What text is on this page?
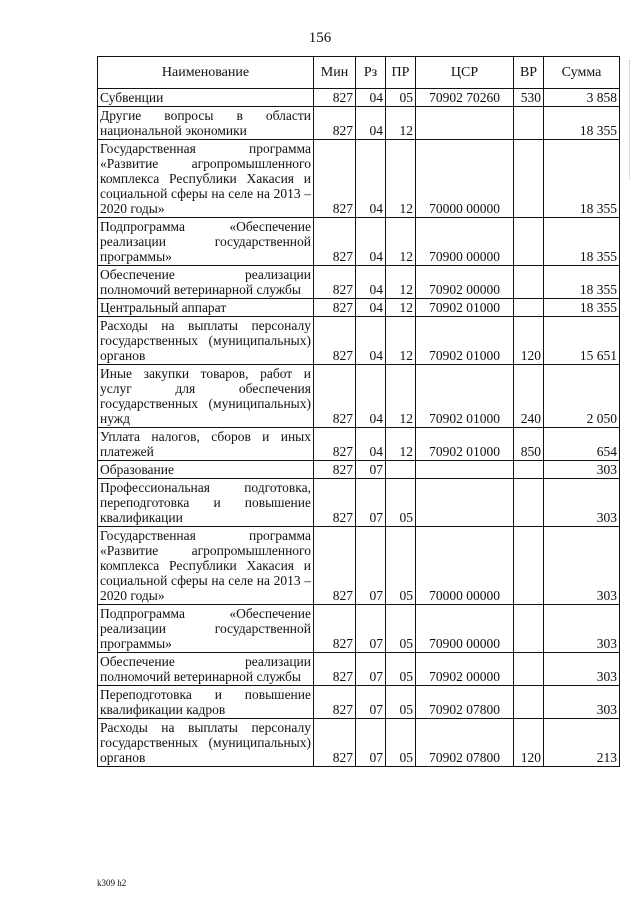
156
Наименование	Мин	Рз	ПР	ЦСР	ВР	Сумма
Субвенции	827	04	05	70902 70260	530	3 858
Другие вопросы в области национальной экономики	827	04	12			18 355
Государственная программа «Развитие агропромышленного комплекса Республики Хакасия и социальной сферы на селе на 2013 – 2020 годы»	827	04	12	70000 00000		18 355
Подпрограмма «Обеспечение реализации государственной программы»	827	04	12	70900 00000		18 355
Обеспечение реализации полномочий ветеринарной службы	827	04	12	70902 00000		18 355
Центральный аппарат	827	04	12	70902 01000		18 355
Расходы на выплаты персоналу государственных (муниципальных) органов	827	04	12	70902 01000	120	15 651
Иные закупки товаров, работ и услуг для обеспечения государственных (муниципальных) нужд	827	04	12	70902 01000	240	2 050
Уплата налогов, сборов и иных платежей	827	04	12	70902 01000	850	654
Образование	827	07				303
Профессиональная подготовка, переподготовка и повышение квалификации	827	07	05			303
Государственная программа «Развитие агропромышленного комплекса Республики Хакасия и социальной сферы на селе на 2013 – 2020 годы»	827	07	05	70000 00000		303
Подпрограмма «Обеспечение реализации государственной программы»	827	07	05	70900 00000		303
Обеспечение реализации полномочий ветеринарной службы	827	07	05	70902 00000		303
Переподготовка и повышение квалификации кадров	827	07	05	70902 07800		303
Расходы на выплаты персоналу государственных (муниципальных) органов	827	07	05	70902 07800	120	213
k309 h2
